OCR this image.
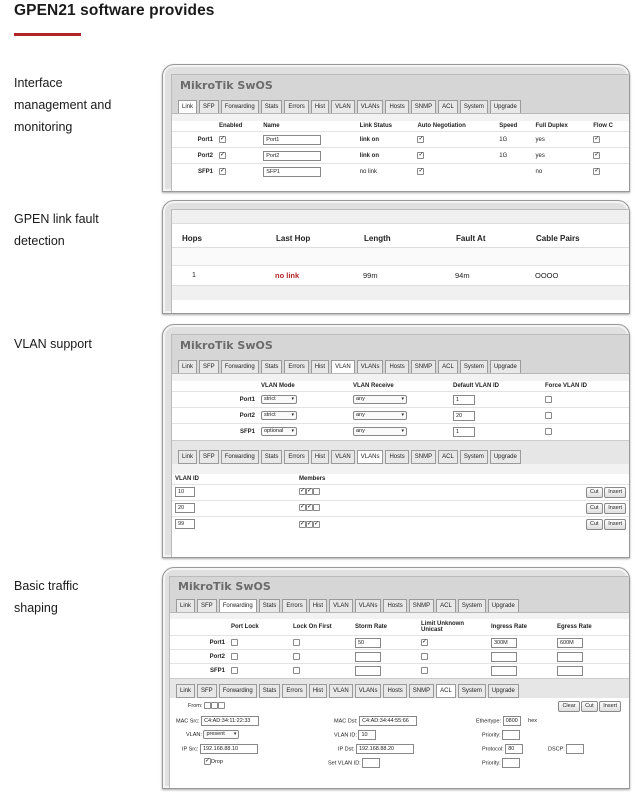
GPEN21 software provides
Interface management and monitoring
GPEN link fault detection
VLAN support
Basic traffic shaping
MikroTik SwOS
Link	SFP	Forwarding	Stats	Errors	Hist	VLAN	VLANs	Hosts	SNMP	ACL	System	Upgrade
	Enabled	Name	Link Status	Auto Negotiation	Speed	Full Duplex	Flow C
Port1	✓	Port1	link on	✓	1G	yes	✓
Port2	✓	Port2	link on	✓	1G	yes	✓
SFP1	✓	SFP1	no link	✓		no	✓
Hops	Last Hop	Length	Fault At	Cable Pairs

1	no link	99m	94m	OOOO

MikroTik SwOS
Link	SFP	Forwarding	Stats	Errors	Hist	VLAN	VLANs	Hosts	SNMP	ACL	System	Upgrade
	VLAN Mode	VLAN Receive	Default VLAN ID	Force VLAN ID
Port1	strict ▾	any ▾	1	
Port2	strict ▾	any ▾	20	
SFP1	optional ▾	any ▾	1	
Link	SFP	Forwarding	Stats	Errors	Hist	VLAN	VLANs	Hosts	SNMP	ACL	System	Upgrade
VLAN ID	Members	
10	✓ ✓	Cut Insert
20	✓ ✓	Cut Insert
99	✓ ✓ ✓	Cut Insert
MikroTik SwOS
Link	SFP	Forwarding	Stats	Errors	Hist	VLAN	VLANs	Hosts	SNMP	ACL	System	Upgrade
	Port Lock	Lock On First	Storm Rate	Limit Unknown Unicast	Ingress Rate	Egress Rate
Port1			50	✓	300M	600M
Port2						
SFP1						
Link	SFP	Forwarding	Stats	Errors	Hist	VLAN	VLANs	Hosts	SNMP	ACL	System	Upgrade
From:	Clear Cut Insert
MAC Src: C4:AD:34:11:22:33	MAC Dst: C4:AD:34:44:55:66	Ethertype: 0800 hex
VLAN: present ▾	VLAN ID: 10	Priority:
IP Src: 192.168.88.10	IP Dst: 192.168.88.20	Protocol: 80	DSCP:
✓Drop	Set VLAN ID:	Priority:
